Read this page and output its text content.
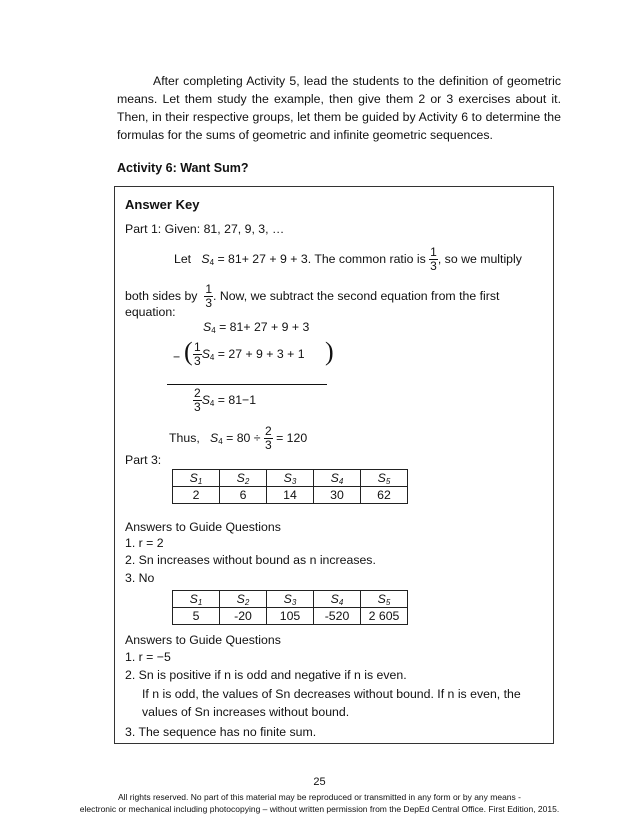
After completing Activity 5, lead the students to the definition of geometric means. Let them study the example, then give them 2 or 3 exercises about it. Then, in their respective groups, let them be guided by Activity 6 to determine the formulas for the sums of geometric and infinite geometric sequences.
Activity 6: Want Sum?
Answer Key
Part 1: Given: 81, 27, 9, 3, …
Let $S_4 = 81+ 27 + 9 + 3$. The common ratio is $\frac{1}{3}$ , so we multiply
both sides by $\frac{1}{3}$ . Now, we subtract the second equation from the first
equation:
$S_4 = 81+ 27 + 9 + 3$
− ( $\frac{1}{3} S_4 = 27 + 9 + 3 + 1$ )
$\frac{2}{3} S_4 = 81-1$
Thus, $S_4 = 80 \div \frac{2}{3} = 120$
Part 3:
$S_1$	$S_2$	$S_3$	$S_4$	$S_5$
2	6	14	30	62
Answers to Guide Questions
1. r = 2
2. Sn increases without bound as n increases.
3. No
$S_1$	$S_2$	$S_3$	$S_4$	$S_5$
5	-20	105	-520	2 605
Answers to Guide Questions
1. r = −5
2. Sn is positive if n is odd and negative if n is even.
If n is odd, the values of Sn decreases without bound. If n is even, the
values of Sn increases without bound.
3. The sequence has no finite sum.
25
All rights reserved. No part of this material may be reproduced or transmitted in any form or by any means -
electronic or mechanical including photocopying – without written permission from the DepEd Central Office. First Edition, 2015.
